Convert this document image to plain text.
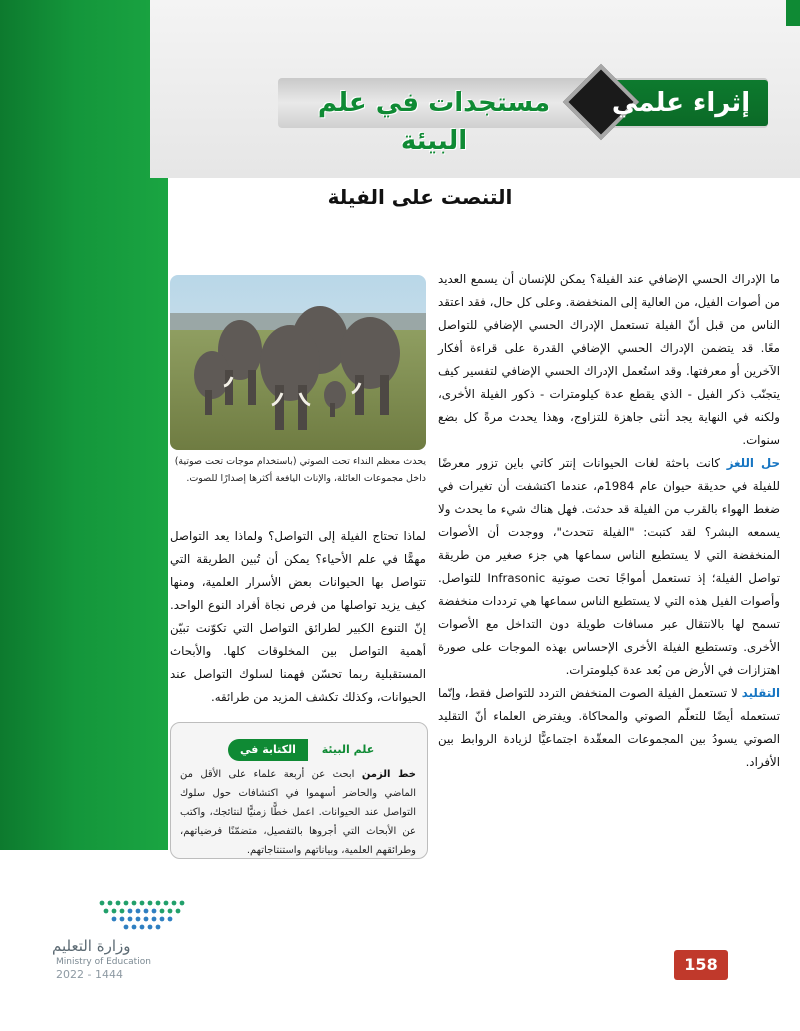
إثراء علمي
مستجدات في علم البيئة
التنصت على الفيلة
يحدث معظم النداء تحت الصوتي (باستخدام موجات تحت صوتية) داخل مجموعات العائلة، والإناث اليافعة أكثرها إصدارًا للصوت.

ما الإدراك الحسي الإضافي عند الفيلة؟ يمكن للإنسان أن يسمع العديد من أصوات الفيل، من العالية إلى المنخفضة. وعلى كل حال، فقد اعتقد الناس من قبل أنّ الفيلة تستعمل الإدراك الحسي الإضافي للتواصل معًا. قد يتضمن الإدراك الحسي الإضافي القدرة على قراءة أفكار الآخرين أو معرفتها. وقد استُعمل الإدراك الحسي الإضافي لتفسير كيف يتجنّب ذكر الفيل - الذي يقطع عدة كيلومترات - ذكور الفيلة الأخرى، ولكنه في النهاية يجد أنثى جاهزة للتزاوج، وهذا يحدث مرةً كل بضع سنوات.

حل اللغز كانت باحثة لغات الحيوانات إنتر كاتي باين تزور معرضًا للفيلة في حديقة حيوان عام 1984م، عندما اكتشفت أن تغيرات في ضغط الهواء بالقرب من الفيلة قد حدثت. فهل هناك شيء ما يحدث ولا يسمعه البشر؟ لقد كتبت: "الفيلة تتحدث"، ووجدت أن الأصوات المنخفضة التي لا يستطيع الناس سماعها هي جزء صغير من طريقة تواصل الفيلة؛ إذ تستعمل أمواجًا تحت صوتية Infrasonic للتواصل. وأصوات الفيل هذه التي لا يستطيع الناس سماعها هي ترددات منخفضة تسمح لها بالانتقال عبر مسافات طويلة دون التداخل مع الأصوات الأخرى. وتستطيع الفيلة الأخرى الإحساس بهذه الموجات على صورة اهتزازات في الأرض من بُعد عدة كيلومترات.

التقليد لا تستعمل الفيلة الصوت المنخفض التردد للتواصل فقط، وإنّما تستعمله أيضًا للتعلّم الصوتي والمحاكاة. ويفترض العلماء أنّ التقليد الصوتي يسودُ بين المجموعات المعقّدة اجتماعيًّا لزيادة الروابط بين الأفراد.

لماذا تحتاج الفيلة إلى التواصل؟ ولماذا يعد التواصل مهمًّا في علم الأحياء؟ يمكن أن تُبين الطريقة التي تتواصل بها الحيوانات بعض الأسرار العلمية، ومنها كيف يزيد تواصلها من فرص نجاة أفراد النوع الواحد. إنّ التنوع الكبير لطرائق التواصل التي تكوّنت تبيّن أهمية التواصل بين المخلوقات كلها. والأبحاث المستقبلية ربما تحسّن فهمنا لسلوك التواصل عند الحيوانات، وكذلك تكشف المزيد من طرائقه.

الكتابة في	علم البيئة
خط الزمن ابحث عن أربعة علماء على الأقل من الماضي والحاضر أسهموا في اكتشافات حول سلوك التواصل عند الحيوانات. اعمل خطًّا زمنيًّا لنتائجك، واكتب عن الأبحاث التي أجروها بالتفصيل، متضمّنًا فرضياتهم، وطرائقهم العلمية، وبياناتهم واستنتاجاتهم.
وزارة التعليم
Ministry of Education
2022 - 1444
158
